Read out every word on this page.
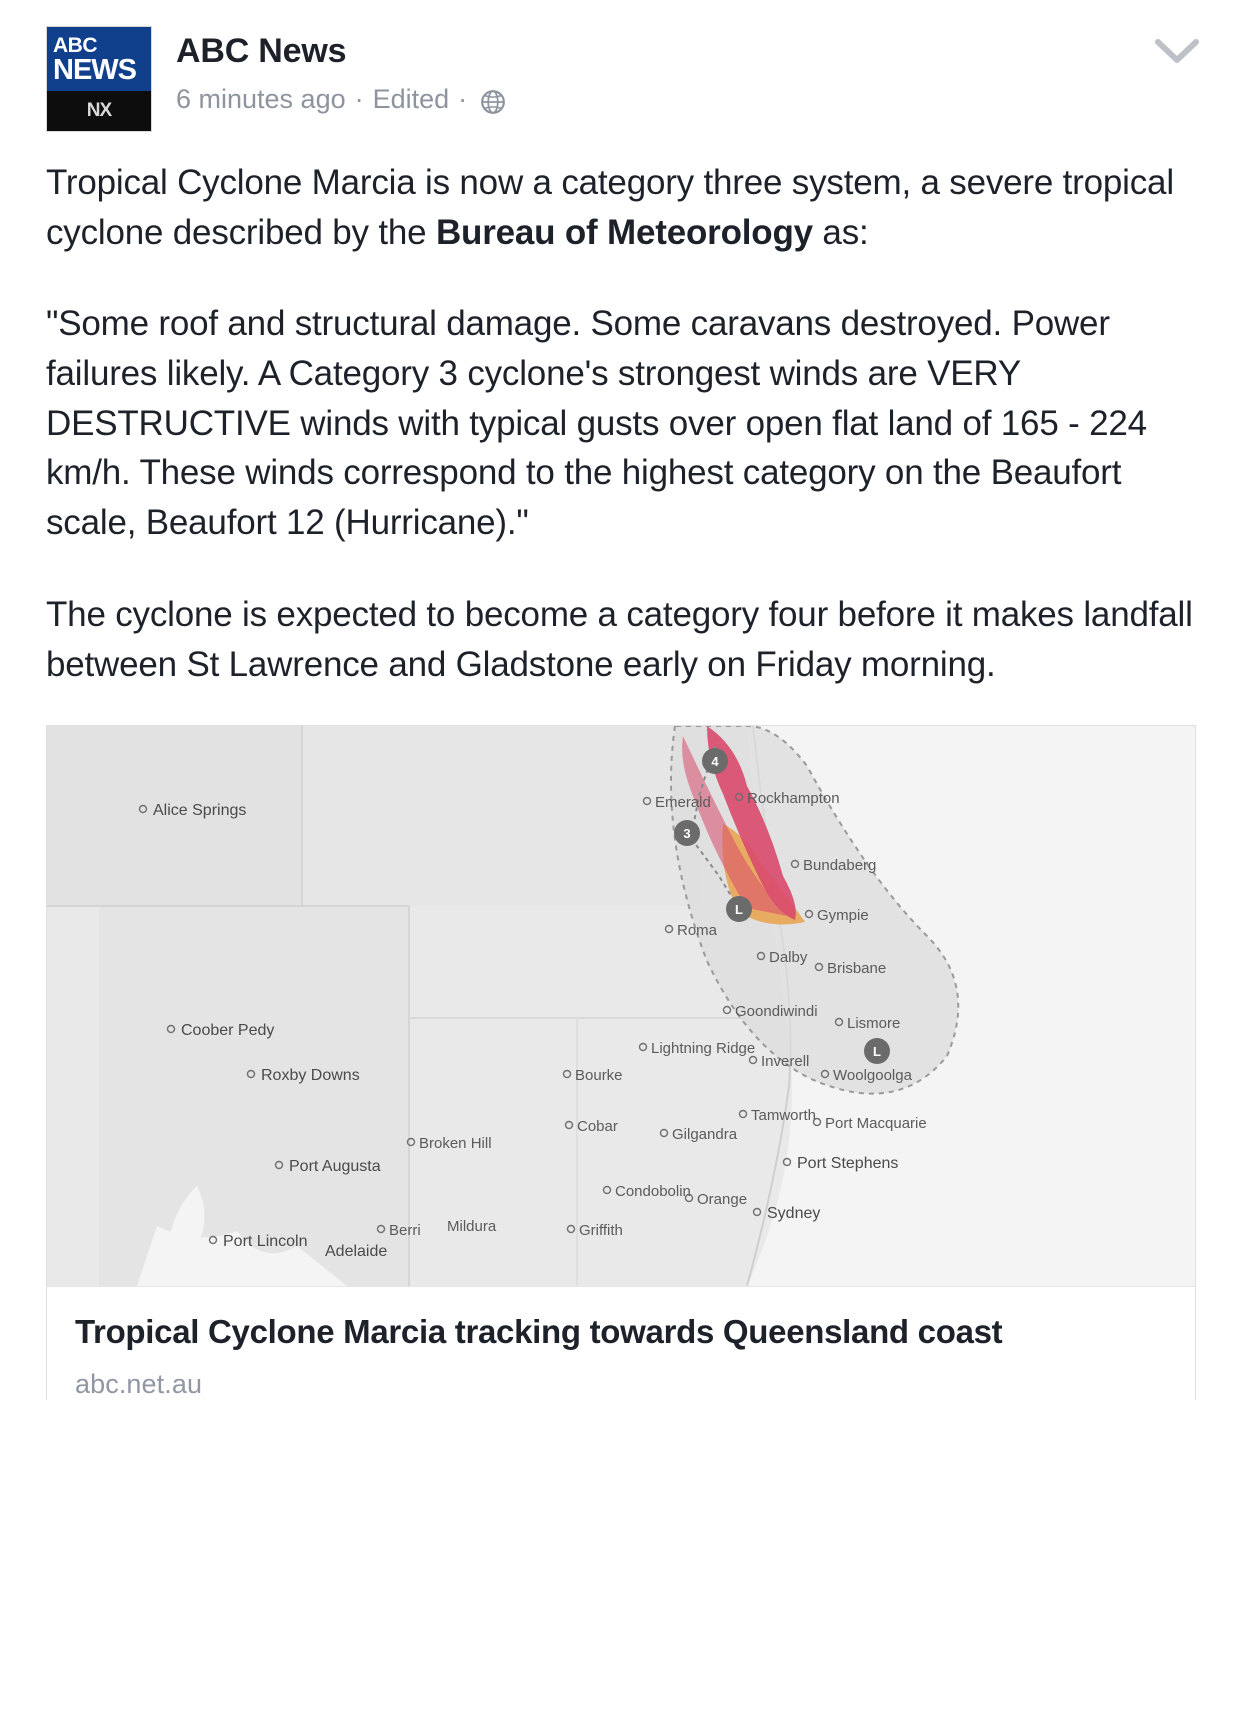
ABC
NEWS
NX
ABC News
6 minutes ago · Edited ·

Tropical Cyclone Marcia is now a category three system, a severe tropical cyclone described by the Bureau of Meteorology as:

"Some roof and structural damage. Some caravans destroyed. Power failures likely. A Category 3 cyclone's strongest winds are VERY DESTRUCTIVE winds with typical gusts over open flat land of 165 - 224 km/h. These winds correspond to the highest category on the Beaufort scale, Beaufort 12 (Hurricane)."

The cyclone is expected to become a category four before it makes landfall between St Lawrence and Gladstone early on Friday morning.

4
3
L
L
Alice Springs	Emerald Rockhampton
Bundaberg
Gympie
Roma
Dalby
Brisbane
Goondiwindi
Lismore
Coober Pedy
Lightning Ridge
Inverell
Bourke	Woolgoolga
Roxby Downs
Tamworth
Cobar	Gilgandra
Port Macquarie
Broken Hill
Port Augusta	Port Stephens
Condobolin Orange
Sydney
Berri Mildura	Griffith
Port Lincoln
Adelaide
Tropical Cyclone Marcia tracking towards Queensland coast
abc.net.au
